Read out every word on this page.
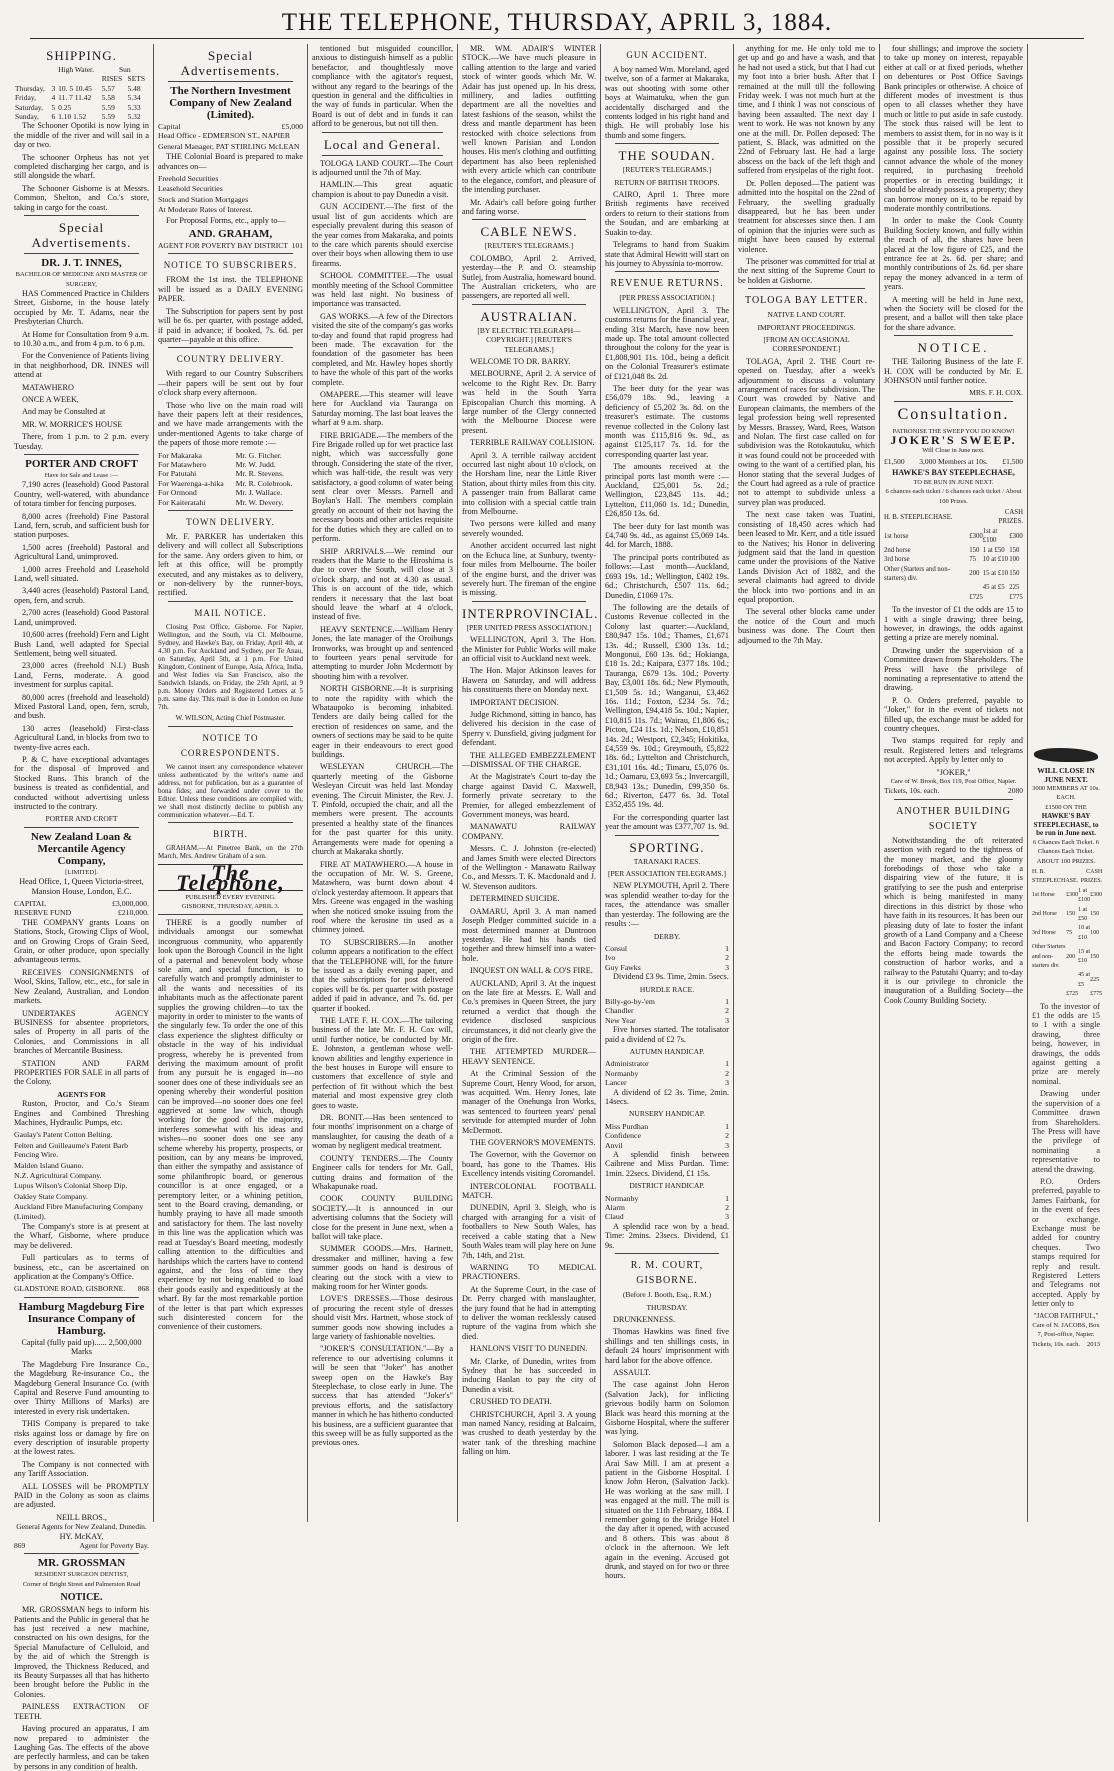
THE TELEPHONE, THURSDAY, APRIL 3, 1884.
SHIPPING.
		High Water.	Sun	
			RISES	SETS
Thursday,	3	10. 5 10.45	5.57	5.48
Friday,	4	11. 7 11.42	5.58	5.34
Saturday,	5	0.25	5.59	5.33
Sunday,	6	1.10 1.52	5.59	5.32

The Schooner Opotiki is now lying in the middle of the river and will sail in a day or two.

The schooner Orpheus has not yet completed discharging her cargo, and is still alongside the wharf.

The Schooner Gisborne is at Messrs. Common, Shelton, and Co.'s store, taking in cargo for the coast.

Special Advertisements.
DR. J. T. INNES,
BACHELOR OF MEDICINE AND MASTER OF SURGERY,

HAS Commenced Practice in Childers Street, Gisborne, in the house lately occupied by Mr. T. Adams, near the Presbyterian Church.

At Home for Consultation from 9 a.m. to 10.30 a.m., and from 4 p.m. to 6 p.m.

For the Convenience of Patients living in that neighborhood, DR. INNES will attend at

MATAWHERO

ONCE A WEEK,

And may be Consulted at

MR. W. MORRICE'S HOUSE

There, from 1 p.m. to 2 p.m. every Tuesday.

PORTER AND CROFT
Have for Sale and Lease :—

7,190 acres (leasehold) Good Pastoral Country, well-watered, with abundance of totara timber for fencing purposes.

8,000 acres (freehold) Fine Pastoral Land, fern, scrub, and sufficient bush for station purposes.

1,500 acres (freehold) Pastoral and Agricultural Land, unimproved.

1,000 acres Freehold and Leasehold Land, well situated.

3,440 acres (leasehold) Pastoral Land, open, fern, and scrub.

2,700 acres (leasehold) Good Pastoral Land, unimproved.

10,600 acres (freehold) Fern and Light Bush Land, well adapted for Special Settlement, being well situated.

23,000 acres (freehold N.I.) Bush Land, Ferns, moderate. A good investment for surplus capital.

80,000 acres (freehold and leasehold) Mixed Pastoral Land, open, fern, scrub, and bush.

130 acres (leasehold) First-class Agricultural Land, in blocks from two to twenty-five acres each.

P. & C. have exceptional advantages for the disposal of Improved and Stocked Runs. This branch of the business is treated as confidential, and conducted without advertising unless instructed to the contrary.

PORTER AND CROFT
New Zealand Loan & Mercantile Agency Company,
[LIMITED].

Head Office, 1, Queen Victoria-street, Mansion House, London, E.C.

CAPITAL	£3,000,000.
RESERVE FUND	£210,000.

THE COMPANY grants Loans on Stations, Stock, Growing Clips of Wool, and on Growing Crops of Grain Seed, Grain, or other produce, upon specially advantageous terms.

RECEIVES CONSIGNMENTS of Wool, Skins, Tallow, etc., etc., for sale in New Zealand, Australian, and London markets.

UNDERTAKES AGENCY BUSINESS for absentee proprietors, sales of Property in all parts of the Colonies, and Commissions in all branches of Mercantile Business.

STATION AND FARM PROPERTIES FOR SALE in all parts of the Colony.

AGENTS FOR

Ruston, Proctor, and Co.'s Steam Engines and Combined Threshing Machines, Hydraulic Pumps, etc.

Gaulay's Patent Cotton Belting.
Felten and Guilleaume's Patent Barb Fencing Wire.
Malden Island Guano.
N.Z. Agricultural Company.
Lupus Wilson's Colonial Sheep Dip.
Oakley State Company.
Auckland Fibre Manufacturing Company (Limited).

The Company's store is at present at the Wharf, Gisborne, where produce may be delivered.

Full particulars as to terms of business, etc., can be ascertained on application at the Company's Office.

GLADSTONE ROAD, GISBORNE. 868
Hamburg Magdeburg Fire Insurance Company of Hamburg.

Capital (fully paid up)...... 2,500,000 Marks

The Magdeburg Fire Insurance Co., the Magdeburg Re-insurance Co., the Magdeburg General Insurance Co. (with Capital and Reserve Fund amounting to over Thirty Millions of Marks) are interested in every risk undertaken.

THIS Company is prepared to take risks against loss or damage by fire on every description of insurable property at the lowest rates.

The Company is not connected with any Tariff Association.

ALL LOSSES will be PROMPTLY PAID in the Colony as soon as claims are adjusted.

NEILL BROS.,
General Agents for New Zealand, Dunedin.
HY. McKAY,
869	Agent for Poverty Bay.
MR. GROSSMAN
RESIDENT SURGEON DENTIST,
Corner of Bright Street and Palmerston Road
NOTICE.

MR. GROSSMAN begs to inform his Patients and the Public in general that he has just received a new machine, constructed on his own designs, for the Special Manufacture of Celluloid, and by the aid of which the Strength is Improved, the Thickness Reduced, and its Beauty Surpasses all that has hitherto been brought before the Public in the Colonies.

PAINLESS EXTRACTION OF TEETH.

Having procured an apparatus, I am now prepared to administer the Laughing Gas. The effects of the above are perfectly harmless, and can be taken by persons in any condition of health.

Special Advertisements.
The Northern Investment Company of New Zealand (Limited).
Capital	£5,000
Head Office - EDMERSON ST., NAPIER
General Manager, PAT STIRLING McLEAN

THE Colonial Board is prepared to make advances on—

Freehold Securities
Leasehold Securities
Stock and Station Mortgages
At Moderate Rates of Interest.

For Proposal Forms, etc., apply to—

AND. GRAHAM,
AGENT FOR POVERTY BAY DISTRICT 101
NOTICE TO SUBSCRIBERS.

FROM the 1st inst. the TELEPHONE will be issued as a DAILY EVENING PAPER.

The Subscription for papers sent by post will be 6s. per quarter, with postage added, if paid in advance; if booked, 7s. 6d. per quarter—payable at this office.

COUNTRY DELIVERY.

With regard to our Country Subscribers—their papers will be sent out by four o'clock sharp every afternoon.

Those who live on the main road will have their papers left at their residences, and we have made arrangements with the under-mentioned Agents to take charge of the papers of those more remote :—

For Makaraka	Mr. G. Fitcher.
For Matawhero	Mr. W. Judd.
For Patutahi	Mr. R. Stevens.
For Waerenga-a-hika	Mr. R. Colebrook.
For Ormond	Mr. J. Wallace.
For Kaiteratahi	Mr. W. Devery.
TOWN DELIVERY.

Mr. F. PARKER has undertaken this delivery and will collect all Subscriptions for the same. Any orders given to him, or left at this office, will be promptly executed, and any mistakes as to delivery, or non-delivery by the runner-boys, rectified.

MAIL NOTICE.

Closing Post Office, Gisborne. For Napier, Wellington, and the South, via Cl. Melbourne, Sydney, and Hawke's Bay, on Friday, April 4th, at 4.30 p.m. For Auckland and Sydney, per Te Anau, on Saturday, April 5th, at 1 p.m. For United Kingdom, Continent of Europe, Asia, Africa, India, and West Indies via San Francisco, also the Sandwich Islands, on Friday, the 25th April, at 9 p.m. Money Orders and Registered Letters at 5 p.m. same day. This mail is due in London on June 7th.

W. WILSON, Acting Chief Postmaster.
NOTICE TO CORRESPONDENTS.

We cannot insert any correspondence whatever unless authenticated by the writer's name and address, not for publication, but as a guarantee of bona fides; and forwarded under cover to the Editor. Unless these conditions are complied with, we shall most distinctly decline to publish any communication whatever.—Ed. T.

BIRTH.

GRAHAM.—At Pinetree Bank, on the 27th March, Mrs. Andrew Graham of a son.

The Telephone,
PUBLISHED EVERY EVENING.
GISBORNE, THURSDAY, APRIL 3.

THERE is a goodly number of individuals amongst our somewhat incongruous community, who apparently look upon the Borough Council in the light of a paternal and benevolent body whose sole aim, and special function, is to carefully watch and promptly administer to all the wants and necessities of its inhabitants much as the affectionate parent supplies the growing children—to tax the majority in order to minister to the wants of the singularly few. To order the one of this class experience the slightest difficulty or obstacle in the way of his individual progress, whereby he is prevented from deriving the maximum amount of profit from any pursuit he is engaged in—no sooner does one of these individuals see an opening whereby their wonderful position can be improved—no sooner does one feel aggrieved at some law which, though working for the good of the majority, interferes somewhat with his ideas and wishes—no sooner does one see any scheme whereby his property, prospects, or position, can by any means be improved, than either the sympathy and assistance of some philanthropic board, or generous councillor is at once engaged, or a peremptory letter, or a whining petition, sent to the Board craving, demanding, or humbly praying to have all made smooth and satisfactory for them. The last novelty in this line was the application which was read at Tuesday's Board meeting, modestly calling attention to the difficulties and hardships which the carters have to contend against, and the loss of time they experience by not being enabled to load their goods easily and expeditiously at the wharf. By far the most remarkable portion of the letter is that part which expresses such disinterested concern for the convenience of their customers.

tentioned but misguided councillor, anxious to distinguish himself as a public benefactor, and thoughtlessly move compliance with the agitator's request, without any regard to the bearings of the question in general and the difficulties in the way of funds in particular. When the Board is out of debt and in funds it can afford to be generous, but not till then.

Local and General.

TOLOGA LAND COURT.—The Court is adjourned until the 7th of May.

HAMLIN.—This great aquatic champion is about to pay Dunedin a visit.

GUN ACCIDENT.—The first of the usual list of gun accidents which are especially prevalent during this season of the year comes from Makaraka, and points to the care which parents should exercise over their boys when allowing them to use firearms.

SCHOOL COMMITTEE.—The usual monthly meeting of the School Committee was held last night. No business of importance was transacted.

GAS WORKS.—A few of the Directors visited the site of the company's gas works to-day and found that rapid progress had been made. The excavation for the foundation of the gasometer has been completed, and Mr. Hawley hopes shortly to have the whole of this part of the works complete.

OMAPERE.—This steamer will leave here for Auckland via Tauranga on Saturday morning. The last boat leaves the wharf at 9 a.m. sharp.

FIRE BRIGADE.—The members of the Fire Brigade rolled up for wet practice last night, which was successfully gone through. Considering the state of the river, which was half-tide, the result was very satisfactory, a good column of water being sent clear over Messrs. Parnell and Boylan's Hall. The members complain greatly on account of their not having the necessary boots and other articles requisite for the duties which they are called on to perform.

SHIP ARRIVALS.—We remind our readers that the Marie to the Hiroshima is due to cover the South, will close at 3 o'clock sharp, and not at 4.30 as usual. This is on account of the tide, which renders it necessary that the last boat should leave the wharf at 4 o'clock, instead of five.

HEAVY SENTENCE.—William Henry Jones, the late manager of the Oroibungs Ironworks, was brought up and sentenced to fourteen years penal servitude for attempting to murder John Mcdermott by shooting him with a revolver.

NORTH GISBORNE.—It is surprising to note the rapidity with which the Whataupoko is becoming inhabited. Tenders are daily being called for the erection of residences on same, and the owners of sections may be said to be quite eager in their endeavours to erect good buildings.

WESLEYAN CHURCH.—The quarterly meeting of the Gisborne Wesleyan Circuit was held last Monday evening. The Circuit Minister, the Rev. J. T. Pinfold, occupied the chair, and all the members were present. The accounts presented a healthy state of the finances for the past quarter for this unity. Arrangements were made for opening a church at Makaraka shortly.

FIRE AT MATAWHERO.—A house in the occupation of Mr. W. S. Greene, Matawhero, was burnt down about 4 o'clock yesterday afternoon. It appears that Mrs. Greene was engaged in the washing when she noticed smoke issuing from the roof where the kerosine tin used as a chimney joined.

TO SUBSCRIBERS.—In another column appears a notification to the effect that the TELEPHONE will, for the future be issued as a daily evening paper, and that the subscriptions for post delivered copies will be 6s. per quarter with postage added if paid in advance, and 7s. 6d. per quarter if booked.

THE LATE F. H. COX.—The tailoring business of the late Mr. F. H. Cox will, until further notice, be conducted by Mr. E. Johnston, a gentleman whose well-known abilities and lengthy experience in the best houses in Europe will ensure to customers that excellence of style and perfection of fit without which the best material and most expensive grey cloth goes to waste.

DR. BONIT.—Has been sentenced to four months' imprisonment on a charge of manslaughter, for causing the death of a woman by negligent medical treatment.

COUNTY TENDERS.—The County Engineer calls for tenders for Mr. Gall, cutting drains and formation of the Whakapunake road.

COOK COUNTY BUILDING SOCIETY.—It is announced in our advertising columns that the Society will close for the present in June next, when a ballot will take place.

SUMMER GOODS.—Mrs. Hartnett, dressmaker and milliner, having a few summer goods on hand is desirous of clearing out the stock with a view to making room for her Winter goods.

LOVE'S DRESSES.—Those desirous of procuring the recent style of dresses should visit Mrs. Hartnett, whose stock of summer goods now showing includes a large variety of fashionable novelties.

"JOKER'S CONSULTATION."—By a reference to our advertising columns it will be seen that "Joker" has another sweep open on the Hawke's Bay Steeplechase, to close early in June. The success that has attended "Joker's" previous efforts, and the satisfactory manner in which he has hitherto conducted his business, are a sufficient guarantee that this sweep will be as fully supported as the previous ones.

MR. WM. ADAIR'S WINTER STOCK.—We have much pleasure in calling attention to the large and varied stock of winter goods which Mr. W. Adair has just opened up. In his dress, millinery, and ladies outfitting department are all the novelties and latest fashions of the season, whilst the dress and mantle department has been restocked with choice selections from well known Parisian and London houses. His men's clothing and outfitting department has also been replenished with every article which can contribute to the elegance, comfort, and pleasure of the intending purchaser.

Mr. Adair's call before going further and faring worse.

CABLE NEWS.
[REUTER'S TELEGRAMS.]

COLOMBO, April 2. Arrived, yesterday—the P. and O. steamship Sutlej, from Australia, homeward bound. The Australian cricketers, who are passengers, are reported all well.

AUSTRALIAN.
[BY ELECTRIC TELEGRAPH—COPYRIGHT.] [REUTER'S TELEGRAMS.]

WELCOME TO DR. BARRY.

MELBOURNE, April 2. A service of welcome to the Right Rev. Dr. Barry was held in the South Yarra Episcopalian Church this morning. A large number of the Clergy connected with the Melbourne Diocese were present.

TERRIBLE RAILWAY COLLISION.

April 3. A terrible railway accident occurred last night about 10 o'clock, on the Horsham line, near the Little River Station, about thirty miles from this city. A passenger train from Ballarat came into collision with a special cattle train from Melbourne.

Two persons were killed and many severely wounded.

Another accident occurred last night on the Echuca line, at Sunbury, twenty-four miles from Melbourne. The boiler of the engine burst, and the driver was severely hurt. The fireman of the engine is missing.

INTERPROVINCIAL.
[PER UNITED PRESS ASSOCIATION.]

WELLINGTON, April 3. The Hon. the Minister for Public Works will make an official visit to Auckland next week.

The Hon. Major Atkinson leaves for Hawera on Saturday, and will address his constituents there on Monday next.

IMPORTANT DECISION.

Judge Richmond, sitting in banco, has delivered his decision in the case of Sperry v. Dunsfield, giving judgment for defendant.

THE ALLEGED EMBEZZLEMENT—DISMISSAL OF THE CHARGE.

At the Magistrate's Court to-day the charge against David C. Maxwell, formerly private secretary to the Premier, for alleged embezzlement of Government moneys, was heard.

MANAWATU RAILWAY COMPANY.

Messrs. C. J. Johnston (re-elected) and James Smith were elected Directors of the Wellington - Manawatu Railway Co., and Messrs. T. K. Macdonald and J. W. Stevenson auditors.

DETERMINED SUICIDE.

OAMARU, April 3. A man named Joseph Pledger committed suicide in a most determined manner at Duntroon yesterday. He had his hands tied together and threw himself into a water-hole.

INQUEST ON WALL & CO'S FIRE.

AUCKLAND, April 3. At the inquest on the late fire at Messrs. E. Wall and Co.'s premises in Queen Street, the jury returned a verdict that though the evidence disclosed suspicious circumstances, it did not clearly give the origin of the fire.

THE ATTEMPTED MURDER—HEAVY SENTENCE.

At the Criminal Session of the Supreme Court, Henry Wood, for arson, was acquitted. Wm. Henry Jones, late manager of the Onehunga Iron Works, was sentenced to fourteen years' penal servitude for attempted murder of John McDermott.

THE GOVERNOR'S MOVEMENTS.

The Governor, with the Governor on board, has gone to the Thames. His Excellency intends visiting Coromandel.

INTERCOLONIAL FOOTBALL MATCH.

DUNEDIN, April 3. Sleigh, who is charged with arranging for a visit of footballers to New South Wales, has received a cable stating that a New South Wales team will play here on June 7th, 14th, and 21st.

WARNING TO MEDICAL PRACTIONERS.

At the Supreme Court, in the case of Dr. Perry charged with manslaughter, the jury found that he had in attempting to deliver the woman recklessly caused rupture of the vagina from which she died.

HANLON'S VISIT TO DUNEDIN.

Mr. Clarke, of Dunedin, writes from Sydney that he has succeeded in inducing Hanlan to pay the city of Dunedin a visit.

CRUSHED TO DEATH.

CHRISTCHURCH, April 3. A young man named Nancy, residing at Balcairn, was crushed to death yesterday by the water tank of the threshing machine falling on him.

GUN ACCIDENT.

A boy named Wm. Moreland, aged twelve, son of a farmer at Makaraka, was out shooting with some other boys at Waimatuku, when the gun accidentally discharged and the contents lodged in his right hand and thigh. He will probably lose his thumb and some fingers.

THE SOUDAN.
[REUTER'S TELEGRAMS.]
RETURN OF BRITISH TROOPS.

CAIRO, April 1. Three more British regiments have received orders to return to their stations from the Soudan, and are embarking at Suakin to-day.

Telegrams to hand from Suakim state that Admiral Hewitt will start on his journey to Abyssinia to-morrow.

REVENUE RETURNS.
[PER PRESS ASSOCIATION.]

WELLINGTON, April 3. The customs returns for the financial year, ending 31st March, have now been made up. The total amount collected throughout the colony for the year is £1,808,901 11s. 10d., being a deficit on the Colonial Treasurer's estimate of £121,048 8s. 2d.

The beer duty for the year was £56,079 18s. 9d., leaving a deficiency of £5,202 3s. 8d. on the treasurer's estimate. The customs revenue collected in the Colony last month was £115,816 9s. 9d., as against £125,117 7s. 1d. for the corresponding quarter last year.

The amounts received at the principal ports last month were :—Auckland, £25,001 5s. 2d.; Wellington, £23,845 11s. 4d.; Lyttelton, £11,060 1s. 1d.; Dunedin, £26,850 13s. 6d.

The beer duty for last month was £4,740 9s. 4d., as against £5,069 14s. 4d. for March, 1888.

The principal ports contributed as follows:—Last month—Auckland, £693 19s. 1d.; Wellington, £402 19s. 6d.; Christchurch, £507 11s. 6d.; Dunedin, £1069 17s.

The following are the details of Customs Revenue collected in the Colony last quarter:—Auckland, £80,947 15s. 10d.; Thames, £1,671 13s. 4d.; Russell, £300 13s. 1d.; Mongonui, £60 13s. 6d.; Hokianga, £18 1s. 2d.; Kaipara, £377 18s. 10d.; Tauranga, £679 13s. 10d.; Poverty Bay, £3,001 18s. 6d.; New Plymouth, £1,509 5s. 1d.; Wanganui, £3,462 16s. 11d.; Foxton, £234 5s. 7d.; Wellington, £94,418 5s. 10d.; Napier, £10,815 11s. 7d.; Wairau, £1,806 6s.; Picton, £24 11s. 1d.; Nelson, £10,851 14s. 2d.; Westport, £2,345; Hokitika, £4,559 9s. 10d.; Greymouth, £5,822 18s. 6d.; Lyttelton and Christchurch, £31,101 16s. 4d.; Timaru, £5,076 0s. 1d.; Oamaru, £3,693 5s.; Invercargill, £8,943 13s.; Dunedin, £99,350 6s. 6d.; Riverton, £477 6s. 3d. Total £352,455 19s. 4d.

For the corresponding quarter last year the amount was £377,707 1s. 9d.

SPORTING.
TARANAKI RACES.
[PER ASSOCIATION TELEGRAMS.]

NEW PLYMOUTH, April 2. There was splendid weather to-day for the races, the attendance was smaller than yesterday. The following are the results :—

DERBY.
Consul	1
Ivo	2
Guy Fawks	3

Dividend £3 9s. Time, 2min. 5secs.

HURDLE RACE.
Billy-go-by-'em	1
Chandler	2
New Year	3

Five horses started. The totalisator paid a dividend of £2 7s.

AUTUMN HANDICAP.
Administrator	1
Normanby	2
Lancer	3

A dividend of £2 3s. Time, 2min. 14secs.

NURSERY HANDICAP.
Miss Purdhan	1
Confidence	2
Anvil	3

A splendid finish between Caibrene and Miss Purdan. Time: 1min. 22secs. Dividend, £1 15s.

DISTRICT HANDICAP.
Normanby	1
Alarm	2
Claud	3

A splendid race won by a head. Time: 2mins. 23secs. Dividend, £1 9s.

R. M. COURT, GISBORNE.
(Before J. Booth, Esq., R.M.)
THURSDAY.

DRUNKENNESS.

Thomas Hawkins was fined five shillings and ten shillings costs, in default 24 hours' imprisonment with hard labor for the above offence.

ASSAULT.

The case against John Heron (Salvation Jack), for inflicting grievous bodily harm on Solomon Black was heard this morning at the Gisborne Hospital, where the sufferer was lying.

Solomon Black deposed—I am a laborer. I was last residing at the Te Arai Saw Mill. I am at present a patient in the Gisborne Hospital. I know John Heron, (Salvation Jack). He was working at the saw mill. I was engaged at the mill. The mill is situated on the 11th February, 1884. I remember going to the Bridge Hotel the day after it opened, with accused and 8 others. This was about 8 o'clock in the afternoon. We left again in the evening. Accused got drunk, and stayed on for two or three hours.

anything for me. He only told me to get up and go and have a wash, and that he had not used a stick, but that I had cut my foot into a brier bush. After that I remained at the mill till the following Friday week. I was not much hurt at the time, and I think I was not conscious of having been assaulted. The next day I went to work. He was not known by any one at the mill. Dr. Pollen deposed: The patient, S. Black, was admitted on the 22nd of February last. He had a large abscess on the back of the left thigh and suffered from erysipelas of the right foot.

Dr. Pollen deposed—The patient was admitted into the hospital on the 22nd of February, the swelling gradually disappeared, but he has been under treatment for abscesses since then. I am of opinion that the injuries were such as might have been caused by external violence.

The prisoner was committed for trial at the next sitting of the Supreme Court to be holden at Gisborne.

TOLOGA BAY LETTER.
NATIVE LAND COURT.
IMPORTANT PROCEEDINGS.
[FROM AN OCCASIONAL CORRESPONDENT.]

TOLAGA, April 2. THE Court re-opened on Tuesday, after a week's adjournment to discuss a voluntary arrangement of races for subdivision. The Court was crowded by Native and European claimants, the members of the legal profession being well represented by Messrs. Brassey, Ward, Rees, Watson and Nolan. The first case called on for subdivision was the Rotokautuku, which it was found could not be proceeded with owing to the want of a certified plan, his Honor stating that the several Judges of the Court had agreed as a rule of practice not to attempt to subdivide unless a survey plan was produced.

The next case taken was Tuatini, consisting of 18,450 acres which had been leased to Mr. Kerr, and a title issued to the Natives; his Honor in delivering judgment said that the land in question came under the provisions of the Native Lands Division Act of 1882, and the several claimants had agreed to divide the block into two portions and in an equal proportion.

The several other blocks came under the notice of the Court and much business was done. The Court then adjourned to the 7th May.

four shillings; and improve the society to take up money on interest, repayable either at call or at fixed periods, whether on debentures or Post Office Savings Bank principles or otherwise. A choice of different modes of investment is thus open to all classes whether they have much or little to put aside in safe custody. The stock thus raised will be lent to members to assist them, for in no way is it possible that it be properly secured against any possible loss. The society cannot advance the whole of the money required, in purchasing freehold properties or in erecting buildings; it should be already possess a property; they can borrow money on it, to be repaid by moderate monthly contributions.

In order to make the Cook County Building Society known, and fully within the reach of all, the shares have been placed at the low figure of £25, and the entrance fee at 2s. 6d. per share; and monthly contributions of 2s. 6d. per share repay the money advanced in a term of years.

A meeting will be held in June next, when the Society will be closed for the present, and a ballot will then take place for the share advance.

NOTICE.

THE Tailoring Business of the late F. H. COX will be conducted by Mr. E. JOHNSON until further notice.

MRS. F. H. COX.
Consultation.
PATRONISE THE SWEEP YOU DO KNOW!
JOKER'S SWEEP.
Will Close in June next.
£1,500 3,000 Members at 10s. £1,500
HAWKE'S BAY STEEPLECHASE,
TO BE RUN IN JUNE NEXT.
6 chances each ticket / 6 chances each ticket / About 100 Prizes.
H. B. STEEPLECHASE.		CASH PRIZES.	
1st horse	£300	1st at £100	£300
2nd horse	150	1 at £50	150
3rd horse	75	10 at £10	100
Other (Starters and non-starters) div.	200	15 at £10	150
		45 at £5	225
	£725		£775

To the investor of £1 the odds are 15 to 1 with a single drawing; three being, however, in drawings, the odds against getting a prize are merely nominal.

Drawing under the supervision of a Committee drawn from Shareholders. The Press will have the privilege of nominating a representative to attend the drawing.

P. O. Orders preferred, payable to "Joker," for in the event of tickets not filled up, the exchange must be added for country cheques.

Two stamps required for reply and result. Registered letters and telegrams not accepted. Apply by letter only to

"JOKER,"
Care of W. Brook, Box 119, Post Office, Napier.
Tickets, 10s. each.	2080
ANOTHER BUILDING SOCIETY

Notwithstanding the oft reiterated assertion with regard to the tightness of the money market, and the gloomy forebodings of those who take a dispairing view of the future, it is gratifying to see the push and enterprise which is being manifested in many directions in this district by those who have faith in its resources. It has been our pleasing duty of late to foster the infant growth of a Land Company and a Cheese and Bacon Factory Company; to record the efforts being made towards the construction of harbor works, and a railway to the Patutahi Quarry; and to-day it is our privilege to chronicle the inauguration of a Building Society—the Cook County Building Society.

WILL CLOSE IN JUNE NEXT.
3000 MEMBERS AT 10s. EACH.
£1500 ON THE
HAWKE'S BAY STEEPLECHASE, to be run in June next.
6 Chances Each Ticket. 6 Chances Each Ticket. ABOUT 100 PRIZES.
H. B. STEEPLECHASE.		CASH PRIZES.	
1st Horse	£300	1 at £100	£300
2nd Horse	150	1 at £50	150
3rd Horse	75	10 at £10	100
Other Starters and non-starters div.	200	15 at £10	150
		45 at £5	225
	£725		£775

To the investor of £1 the odds are 15 to 1 with a single drawing, three being, however, in drawings, the odds against getting a prize are merely nominal.

Drawing under the supervision of a Committee drawn from Shareholders. The Press will have the privilege of nominating a representative to attend the drawing.

P.O. Orders preferred, payable to James Fairbank, for in the event of fees or exchange. Exchange must be added for country cheques. Two stamps required for reply and result. Registered Letters and Telegrams not accepted. Apply by letter only to

"JACOB FAITHFUL,"
Care of N. JACOBS, Box 7, Post-office, Napier.
Tickets, 10s. each. 2013
